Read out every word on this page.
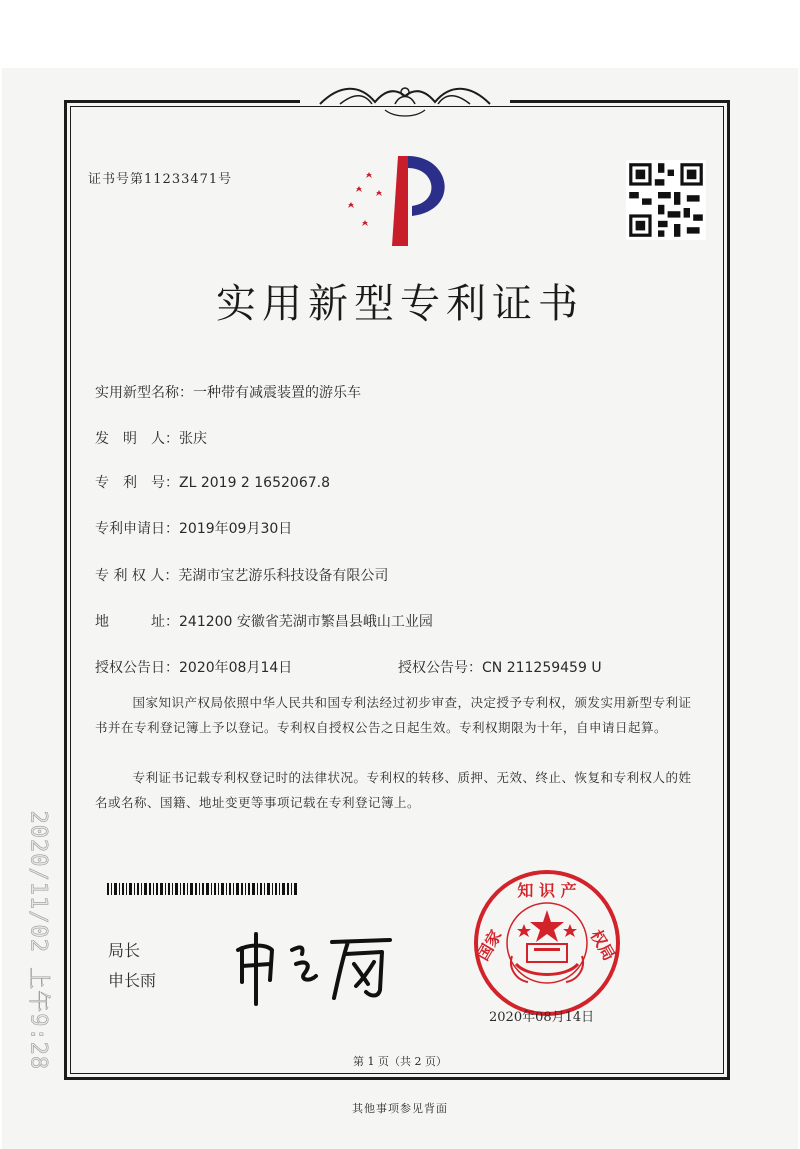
证书号第11233471号
实用新型专利证书
实用新型名称：一种带有减震装置的游乐车
发　明　人：张庆
专　利　号：ZL 2019 2 1652067.8
专利申请日：2019年09月30日
专 利 权 人：芜湖市宝艺游乐科技设备有限公司
地　　　址：241200 安徽省芜湖市繁昌县峨山工业园
授权公告日：2020年08月14日	授权公告号：CN 211259459 U
国家知识产权局依照中华人民共和国专利法经过初步审查，决定授予专利权，颁发实用新型专利证书并在专利登记簿上予以登记。专利权自授权公告之日起生效。专利权期限为十年，自申请日起算。
专利证书记载专利权登记时的法律状况。专利权的转移、质押、无效、终止、恢复和专利权人的姓名或名称、国籍、地址变更等事项记载在专利登记簿上。
局长
申长雨
知 识 产
国家	权局
2020年08月14日
第 1 页（共 2 页）
其他事项参见背面
2020/11/02 上午9:28
